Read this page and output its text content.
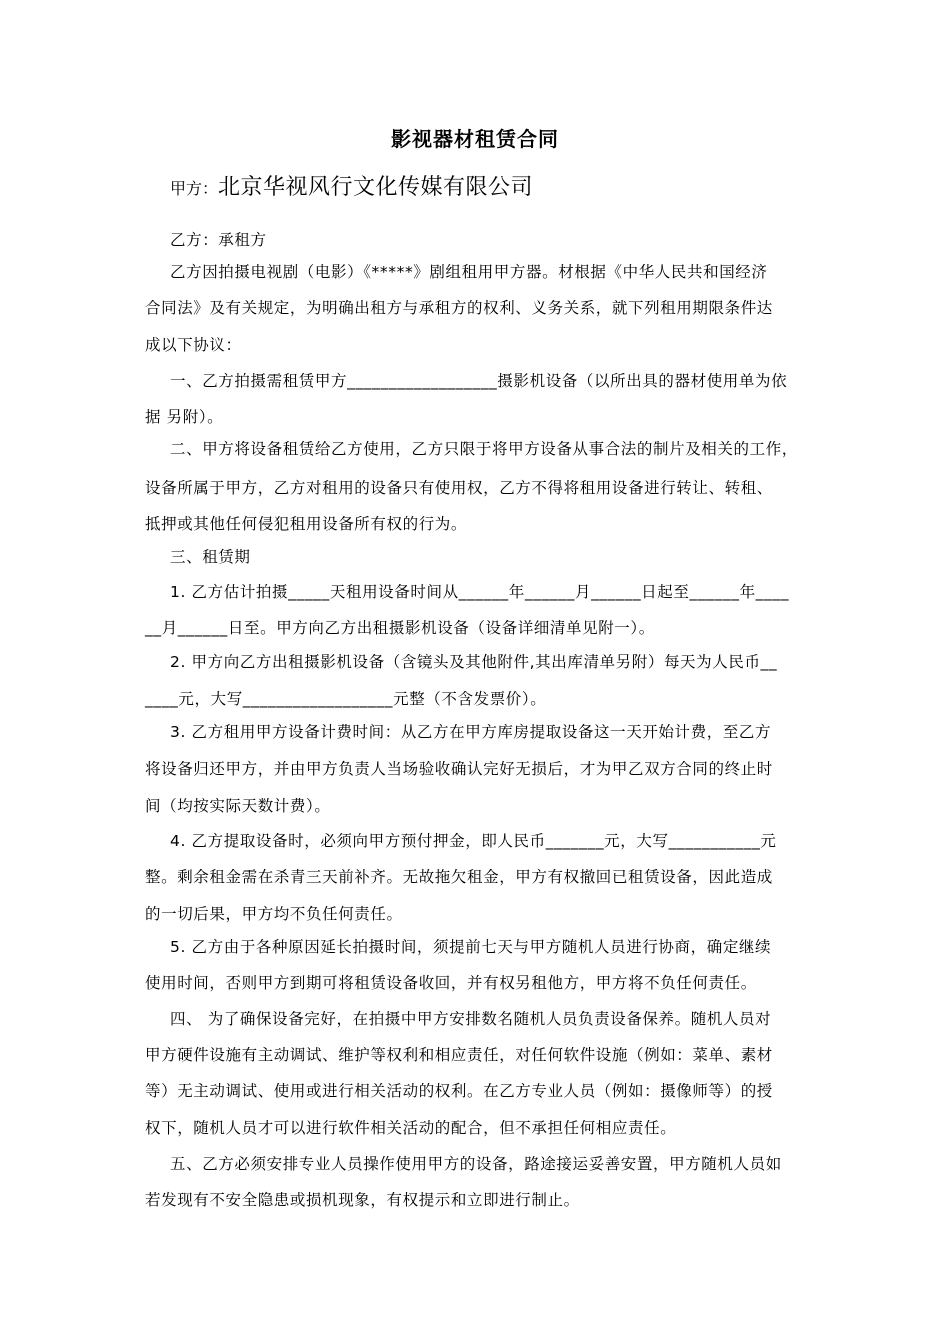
影视器材租赁合同
甲方：北京华视风行文化传媒有限公司
乙方：承租方
乙方因拍摄电视剧（电影）《*****》剧组租用甲方器。材根据《中华人民共和国经济
合同法》及有关规定，为明确出租方与承租方的权利、义务关系，就下列租用期限条件达
成以下协议：
一、乙方拍摄需租赁甲方__________________摄影机设备（以所出具的器材使用单为依
据 另附）。
二、甲方将设备租赁给乙方使用，乙方只限于将甲方设备从事合法的制片及相关的工作，
设备所属于甲方，乙方对租用的设备只有使用权，乙方不得将租用设备进行转让、转租、
抵押或其他任何侵犯租用设备所有权的行为。
三、租赁期
1. 乙方估计拍摄_____天租用设备时间从______年______月______日起至______年____
__月______日至。甲方向乙方出租摄影机设备（设备详细清单见附一）。
2. 甲方向乙方出租摄影机设备（含镜头及其他附件,其出库清单另附）每天为人民币__
____元，大写__________________元整（不含发票价）。
3. 乙方租用甲方设备计费时间：从乙方在甲方库房提取设备这一天开始计费，至乙方
将设备归还甲方，并由甲方负责人当场验收确认完好无损后，才为甲乙双方合同的终止时
间（均按实际天数计费）。
4. 乙方提取设备时，必须向甲方预付押金，即人民币_______元，大写___________元
整。剩余租金需在杀青三天前补齐。无故拖欠租金，甲方有权撤回已租赁设备，因此造成
的一切后果，甲方均不负任何责任。
5. 乙方由于各种原因延长拍摄时间，须提前七天与甲方随机人员进行协商，确定继续
使用时间，否则甲方到期可将租赁设备收回，并有权另租他方，甲方将不负任何责任。
四、 为了确保设备完好，在拍摄中甲方安排数名随机人员负责设备保养。随机人员对
甲方硬件设施有主动调试、维护等权利和相应责任，对任何软件设施（例如：菜单、素材
等）无主动调试、使用或进行相关活动的权利。在乙方专业人员（例如：摄像师等）的授
权下，随机人员才可以进行软件相关活动的配合，但不承担任何相应责任。
五、乙方必须安排专业人员操作使用甲方的设备，路途接运妥善安置，甲方随机人员如
若发现有不安全隐患或损机现象，有权提示和立即进行制止。
